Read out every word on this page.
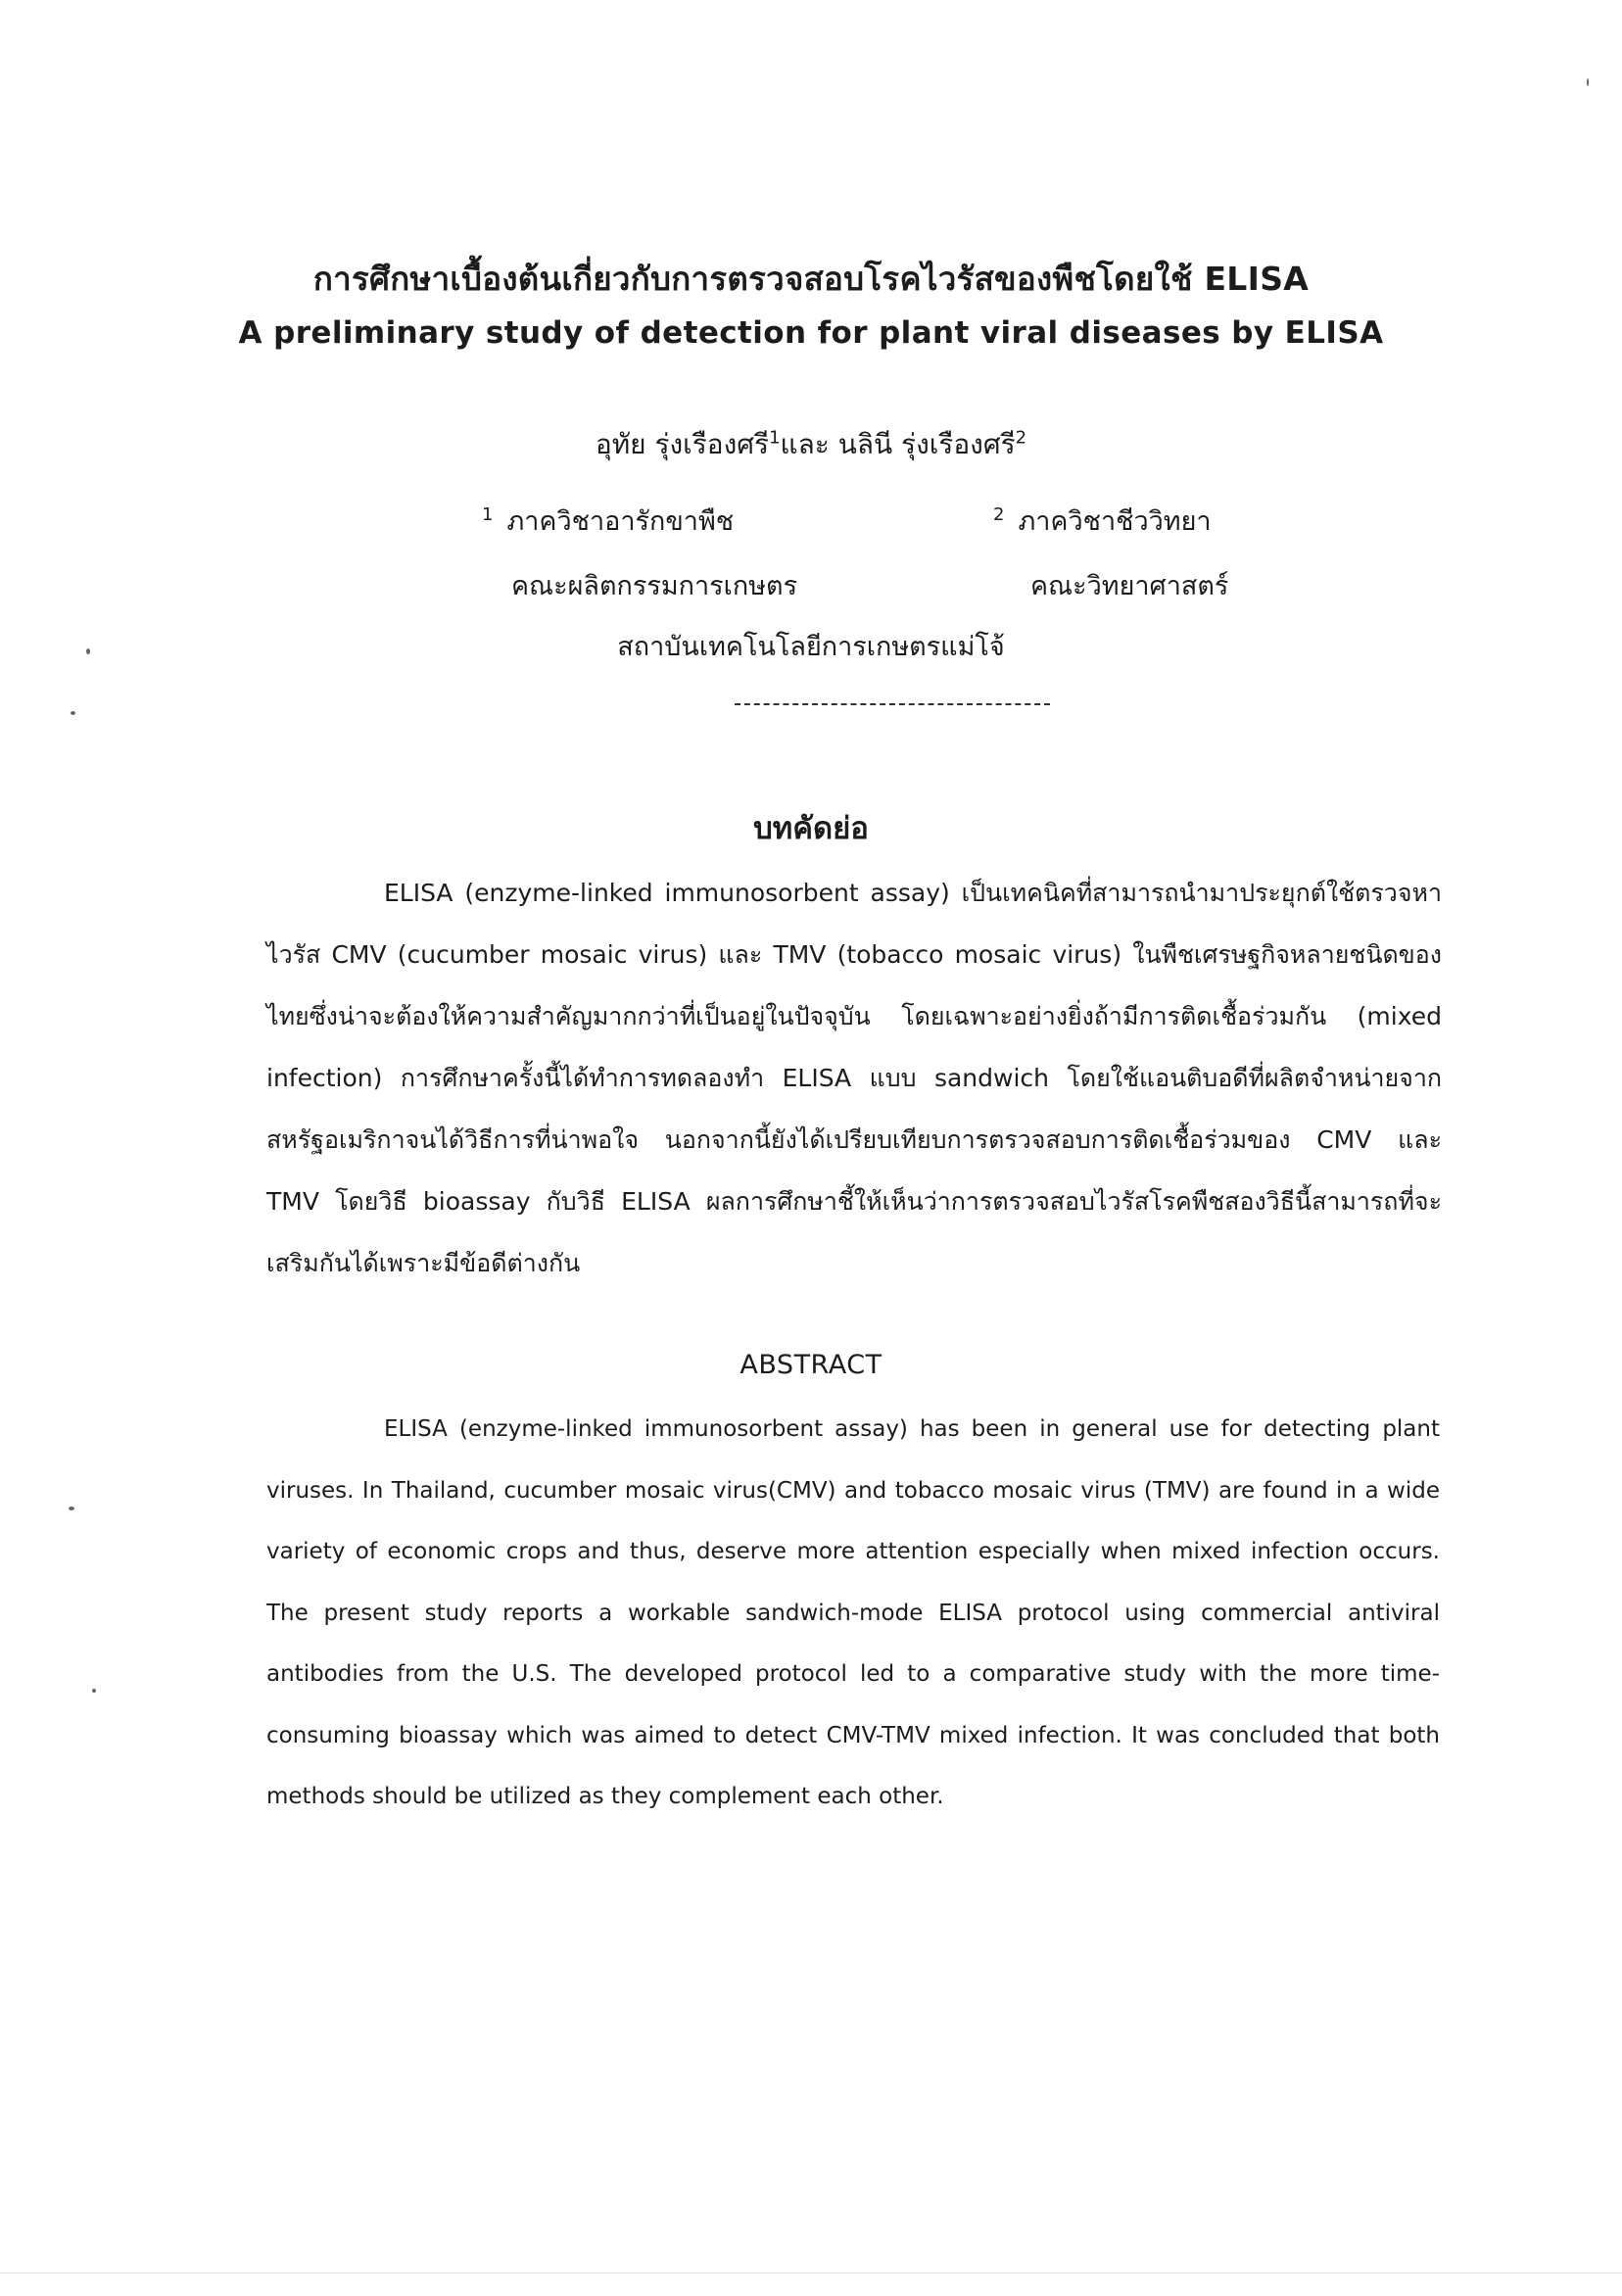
การศึกษาเบื้องต้นเกี่ยวกับการตรวจสอบโรคไวรัสของพืชโดยใช้ ELISA
A preliminary study of detection for plant viral diseases by ELISA
อุทัย รุ่งเรืองศรี$^1$และ นลินี รุ่งเรืองศรี$^2$
$^1$ ภาควิชาอารักขาพืช
คณะผลิตกรรมการเกษตร
$^2$ ภาควิชาชีววิทยา
คณะวิทยาศาสตร์
สถาบันเทคโนโลยีการเกษตรแม่โจ้
บทคัดย่อ

ELISA (enzyme-linked immunosorbent assay) เป็นเทคนิคที่สามารถนำมาประยุกต์ใช้ตรวจหา ไวรัส CMV (cucumber mosaic virus) และ TMV (tobacco mosaic virus) ในพืชเศรษฐกิจหลายชนิดของไทยซึ่งน่าจะต้องให้ความสำคัญมากกว่าที่เป็นอยู่ในปัจจุบัน โดยเฉพาะอย่างยิ่งถ้ามีการติดเชื้อร่วมกัน (mixed infection) การศึกษาครั้งนี้ได้ทำการทดลองทำ ELISA แบบ sandwich โดยใช้แอนติบอดีที่ผลิตจำหน่ายจากสหรัฐอเมริกาจนได้วิธีการที่น่าพอใจ นอกจากนี้ยังได้เปรียบเทียบการตรวจสอบการติดเชื้อร่วมของ CMV และ TMV โดยวิธี bioassay กับวิธี ELISA ผลการศึกษาชี้ให้เห็นว่าการตรวจสอบไวรัสโรคพืชสองวิธีนี้สามารถที่จะเสริมกันได้เพราะมีข้อดีต่างกัน

ABSTRACT

ELISA (enzyme-linked immunosorbent assay) has been in general use for detecting plant viruses. In Thailand, cucumber mosaic virus(CMV) and tobacco mosaic virus (TMV) are found in a wide variety of economic crops and thus, deserve more attention especially when mixed infection occurs. The present study reports a workable sandwich-mode ELISA protocol using commercial antiviral antibodies from the U.S. The developed protocol led to a comparative study with the more time-consuming bioassay which was aimed to detect CMV-TMV mixed infection. It was concluded that both methods should be utilized as they complement each other.
